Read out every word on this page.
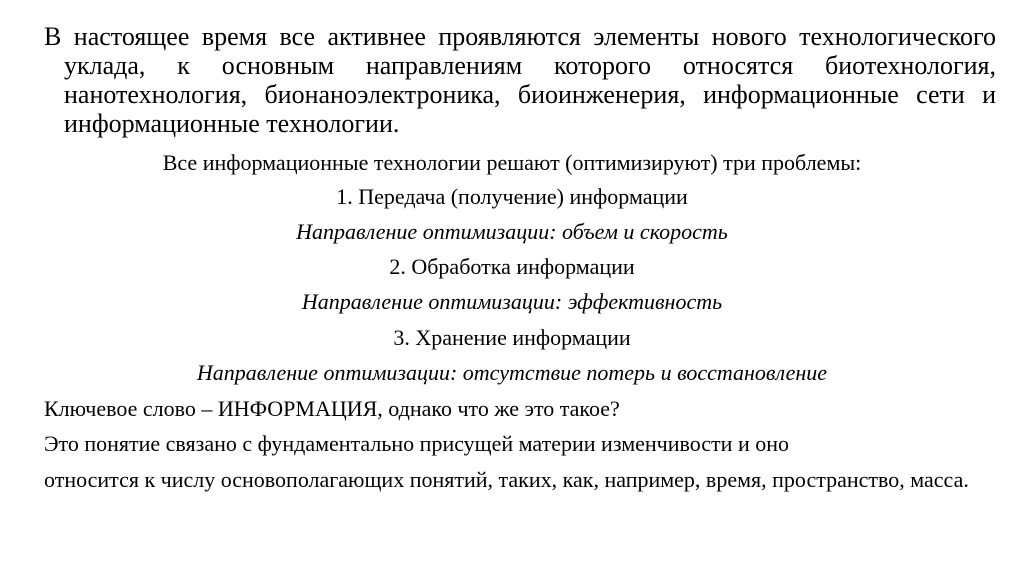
В настоящее время все активнее проявляются элементы нового технологического уклада, к основным направлениям которого относятся биотехнология, нанотехнология, бионаноэлектроника, биоинженерия, информационные сети и информационные технологии.

Все информационные технологии решают (оптимизируют) три проблемы:

1. Передача (получение) информации

Направление оптимизации: объем и скорость

2. Обработка информации

Направление оптимизации: эффективность

3. Хранение информации

Направление оптимизации: отсутствие потерь и восстановление

Ключевое слово – ИНФОРМАЦИЯ, однако что же это такое?

Это понятие связано с фундаментально присущей материи изменчивости и оно

относится к числу основополагающих понятий, таких, как, например, время, пространство, масса.
